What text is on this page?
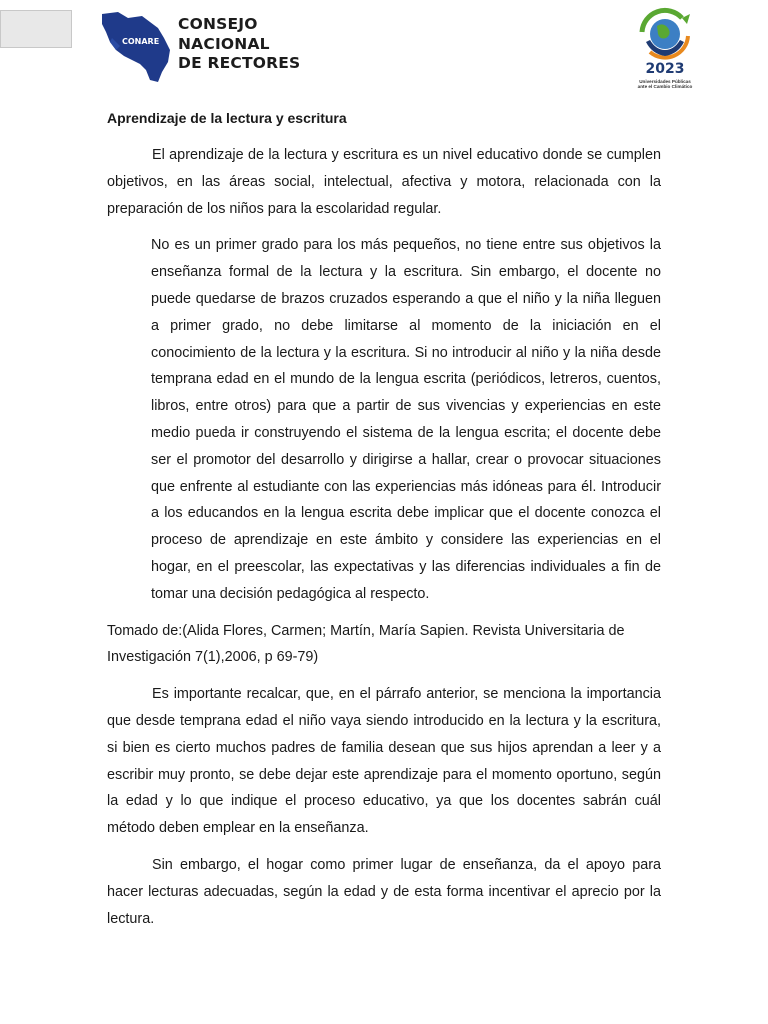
CONARE
CONSEJO
NACIONAL
DE RECTORES	2023
Universidades Públicas
ante el Cambio Climático
Aprendizaje de la lectura y escritura

El aprendizaje de la lectura y escritura es un nivel educativo donde se cumplen objetivos, en las áreas social, intelectual, afectiva y motora, relacionada con la preparación de los niños para la escolaridad regular.

No es un primer grado para los más pequeños, no tiene entre sus objetivos la enseñanza formal de la lectura y la escritura. Sin embargo, el docente no puede quedarse de brazos cruzados esperando a que el niño y la niña lleguen a primer grado, no debe limitarse al momento de la iniciación en el conocimiento de la lectura y la escritura. Si no introducir al niño y la niña desde temprana edad en el mundo de la lengua escrita (periódicos, letreros, cuentos, libros, entre otros) para que a partir de sus vivencias y experiencias en este medio pueda ir construyendo el sistema de la lengua escrita; el docente debe ser el promotor del desarrollo y dirigirse a hallar, crear o provocar situaciones que enfrente al estudiante con las experiencias más idóneas para él. Introducir a los educandos en la lengua escrita debe implicar que el docente conozca el proceso de aprendizaje en este ámbito y considere las experiencias en el hogar, en el preescolar, las expectativas y las diferencias individuales a fin de tomar una decisión pedagógica al respecto.

Tomado de:(Alida Flores, Carmen; Martín, María Sapien. Revista Universitaria de Investigación 7(1),2006, p 69-79)

Es importante recalcar, que, en el párrafo anterior, se menciona la importancia que desde temprana edad el niño vaya siendo introducido en la lectura y la escritura, si bien es cierto muchos padres de familia desean que sus hijos aprendan a leer y a escribir muy pronto, se debe dejar este aprendizaje para el momento oportuno, según la edad y lo que indique el proceso educativo, ya que los docentes sabrán cuál método deben emplear en la enseñanza.

Sin embargo, el hogar como primer lugar de enseñanza, da el apoyo para hacer lecturas adecuadas, según la edad y de esta forma incentivar el aprecio por la lectura.
